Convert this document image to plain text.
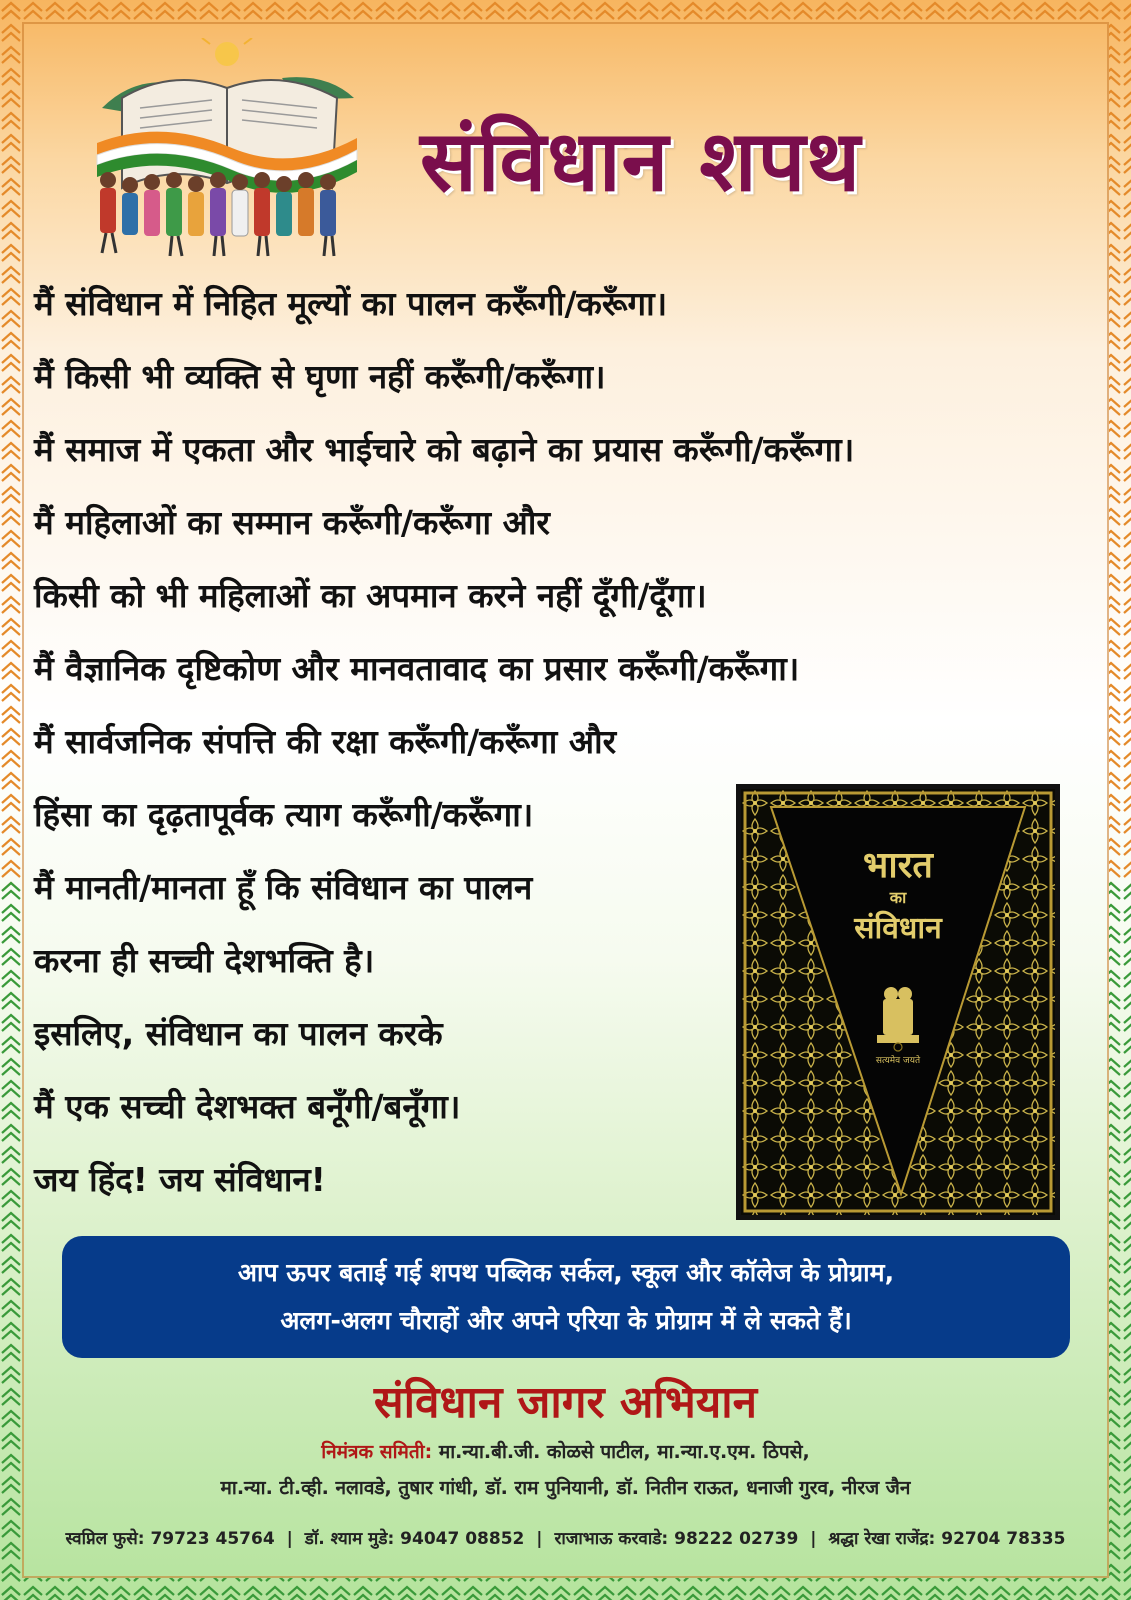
संविधान शपथ
मैं संविधान में निहित मूल्यों का पालन करूँगी/करूँगा।
मैं किसी भी व्यक्ति से घृणा नहीं करूँगी/करूँगा।
मैं समाज में एकता और भाईचारे को बढ़ाने का प्रयास करूँगी/करूँगा।
मैं महिलाओं का सम्मान करूँगी/करूँगा और
किसी को भी महिलाओं का अपमान करने नहीं दूँगी/दूँगा।
मैं वैज्ञानिक दृष्टिकोण और मानवतावाद का प्रसार करूँगी/करूँगा।
मैं सार्वजनिक संपत्ति की रक्षा करूँगी/करूँगा और
हिंसा का दृढ़तापूर्वक त्याग करूँगी/करूँगा।
मैं मानती/मानता हूँ कि संविधान का पालन
करना ही सच्ची देशभक्ति है।
इसलिए, संविधान का पालन करके
मैं एक सच्ची देशभक्त बनूँगी/बनूँगा।
जय हिंद! जय संविधान!
भारत
का
संविधान
सत्यमेव जयते
आप ऊपर बताई गई शपथ पब्लिक सर्कल, स्कूल और कॉलेज के प्रोग्राम,
अलग-अलग चौराहों और अपने एरिया के प्रोग्राम में ले सकते हैं।
संविधान जागर अभियान
निमंत्रक समिती: मा.न्या.बी.जी. कोळसे पाटील, मा.न्या.ए.एम. ठिपसे,
मा.न्या. टी.व्ही. नलावडे, तुषार गांधी, डॉ. राम पुनियानी, डॉ. नितीन राऊत, धनाजी गुरव, नीरज जैन
स्वप्निल फुसे: 79723 45764 | डॉ. श्याम मुडे: 94047 08852 | राजाभाऊ करवाडे: 98222 02739 | श्रद्धा रेखा राजेंद्र: 92704 78335
